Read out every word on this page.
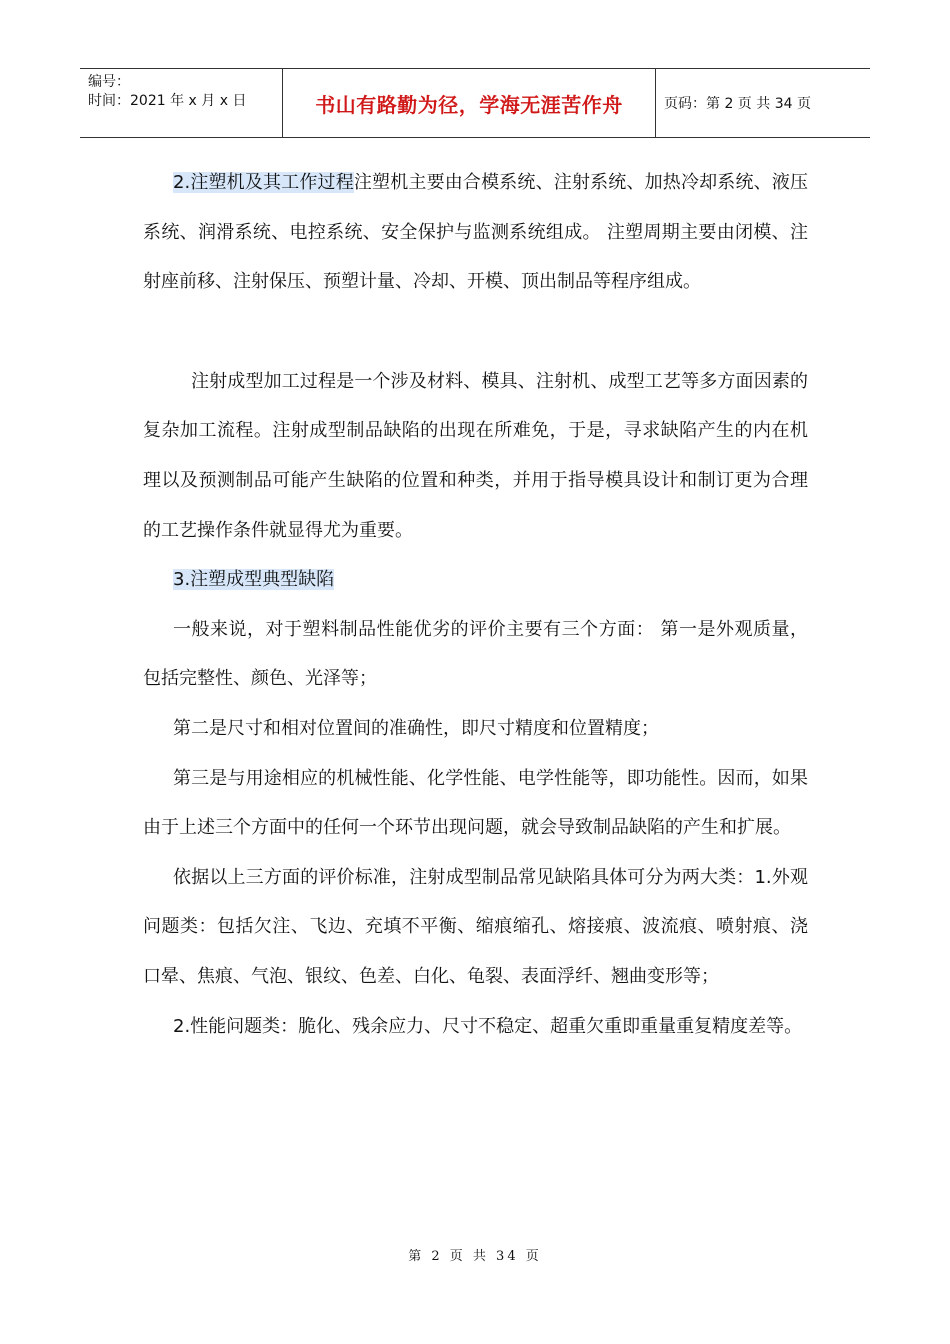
编号：
时间：2021 年 x 月 x 日	书山有路勤为径，学海无涯苦作舟	页码：第 2 页 共 34 页

2.注塑机及其工作过程注塑机主要由合模系统、注射系统、加热冷却系统、液压系统、润滑系统、电控系统、安全保护与监测系统组成。 注塑周期主要由闭模、注射座前移、注射保压、预塑计量、冷却、开模、顶出制品等程序组成。

注射成型加工过程是一个涉及材料、模具、注射机、成型工艺等多方面因素的复杂加工流程。注射成型制品缺陷的出现在所难免，于是，寻求缺陷产生的内在机理以及预测制品可能产生缺陷的位置和种类，并用于指导模具设计和制订更为合理的工艺操作条件就显得尤为重要。

3.注塑成型典型缺陷

一般来说，对于塑料制品性能优劣的评价主要有三个方面： 第一是外观质量，包括完整性、颜色、光泽等；

第二是尺寸和相对位置间的准确性，即尺寸精度和位置精度；

第三是与用途相应的机械性能、化学性能、电学性能等，即功能性。因而，如果由于上述三个方面中的任何一个环节出现问题，就会导致制品缺陷的产生和扩展。

依据以上三方面的评价标准，注射成型制品常见缺陷具体可分为两大类：1.外观问题类：包括欠注、飞边、充填不平衡、缩痕缩孔、熔接痕、波流痕、喷射痕、浇口晕、焦痕、气泡、银纹、色差、白化、龟裂、表面浮纤、翘曲变形等；

2.性能问题类：脆化、残余应力、尺寸不稳定、超重欠重即重量重复精度差等。

第 2 页 共 34 页
